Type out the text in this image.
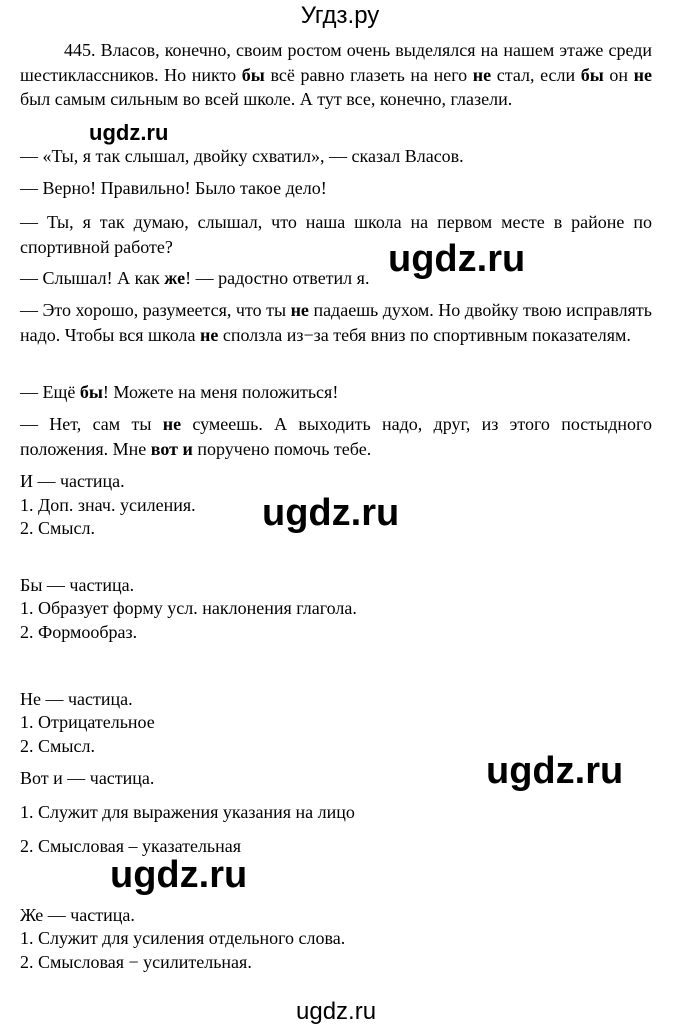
Угдз.ру

445. Власов, конечно, своим ростом очень выделялся на нашем этаже среди шестиклассников. Но никто бы всё равно глазеть на него не стал, если бы он не был самым сильным во всей школе. А тут все, конечно, глазели.

— «Ты, я так слышал, двойку схватил», — сказал Власов.

— Верно! Правильно! Было такое дело!

— Ты, я так думаю, слышал, что наша школа на первом месте в районе по спортивной работе?

— Слышал! А как же! — радостно ответил я.

— Это хорошо, разумеется, что ты не падаешь духом. Но двойку твою исправлять надо. Чтобы вся школа не сползла из−за тебя вниз по спортивным показателям.

— Ещё бы! Можете на меня положиться!

— Нет, сам ты не сумеешь. А выходить надо, друг, из этого постыдного положения. Мне вот и поручено помочь тебе.

И — частица.

1. Доп. знач. усиления.

2. Смысл.

Бы — частица.

1. Образует форму усл. наклонения глагола.

2. Формообраз.

Не — частица.

1. Отрицательное

2. Смысл.

Вот и — частица.

1. Служит для выражения указания на лицо

2. Смысловая – указательная

Же — частица.

1. Служит для усиления отдельного слова.

2. Смысловая − усилительная.

ugdz.ru
ugdz.ru
ugdz.ru
ugdz.ru
ugdz.ru
ugdz.ru
